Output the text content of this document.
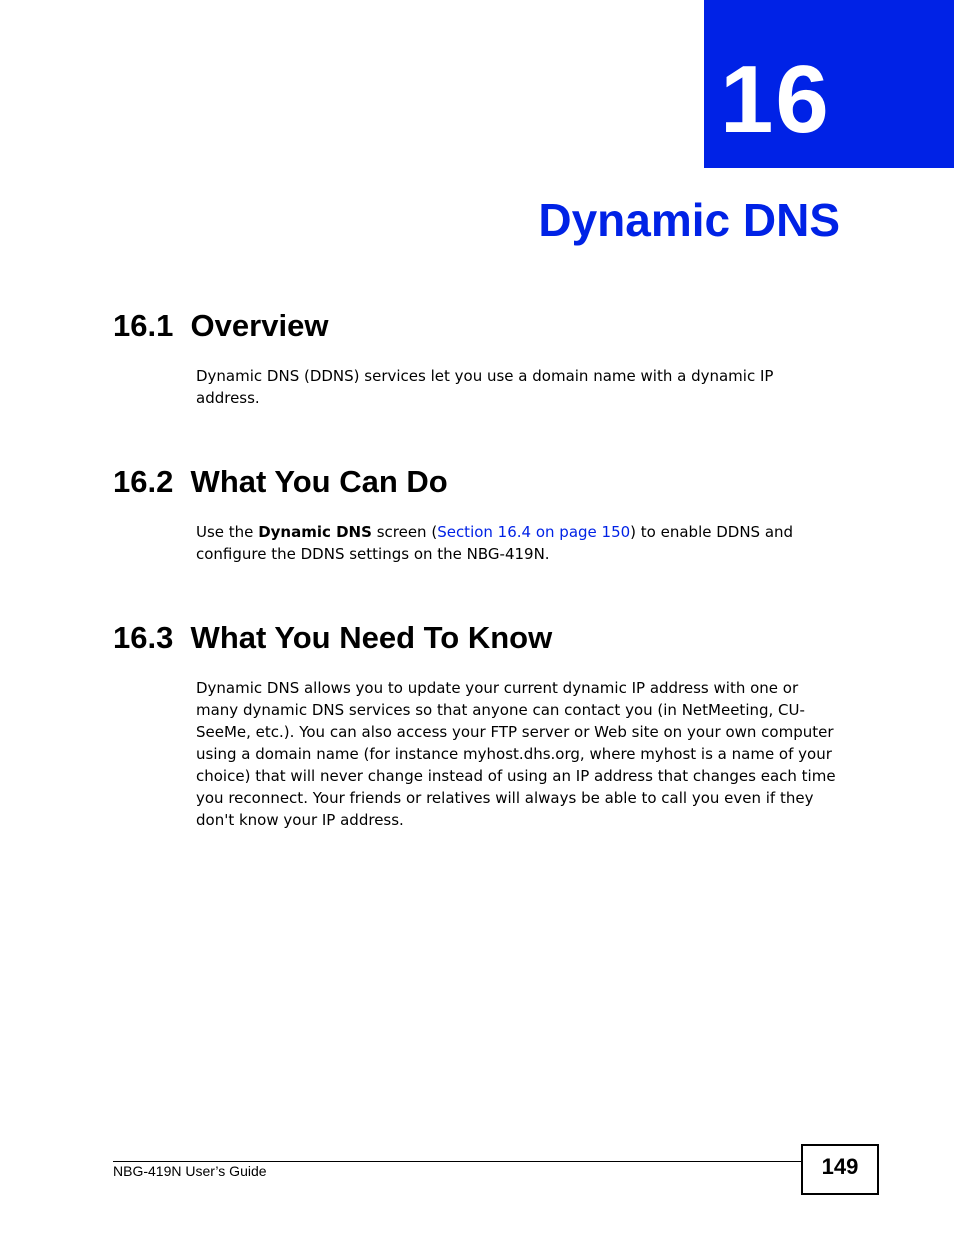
16
Dynamic DNS
16.1  Overview
Dynamic DNS (DDNS) services let you use a domain name with a dynamic IP address.
16.2  What You Can Do
Use the Dynamic DNS screen (Section 16.4 on page 150) to enable DDNS and configure the DDNS settings on the NBG-419N.
16.3  What You Need To Know
Dynamic DNS allows you to update your current dynamic IP address with one or many dynamic DNS services so that anyone can contact you (in NetMeeting, CU-SeeMe, etc.). You can also access your FTP server or Web site on your own computer using a domain name (for instance myhost.dhs.org, where myhost is a name of your choice) that will never change instead of using an IP address that changes each time you reconnect. Your friends or relatives will always be able to call you even if they don't know your IP address.
NBG-419N User’s Guide	149
